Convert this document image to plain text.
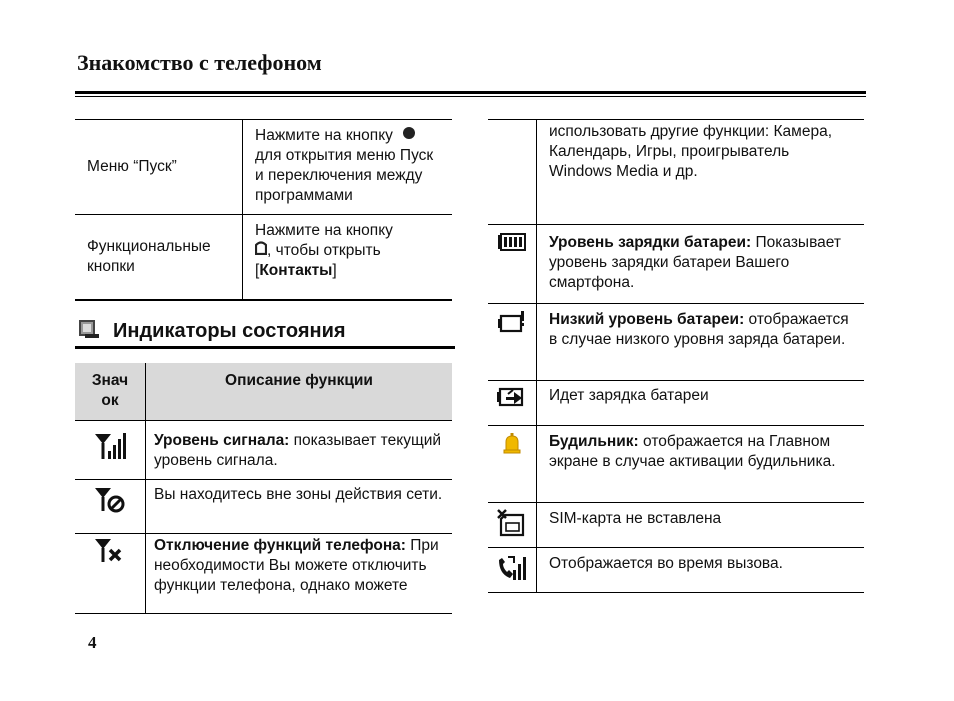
Знакомство с телефоном
Меню “Пуск”	Нажмите на кнопку  для открытия меню Пуск и переключения между программами
Функциональные кнопки	Нажмите на кнопку
, чтобы открыть
[Контакты]
Индикаторы состояния
Знач ок	Описание функции
	Уровень сигнала: показывает текущий уровень сигнала.
	Вы находитесь вне зоны действия сети.
	Отключение функций телефона: При необходимости Вы можете отключить функции телефона, однако можете
	использовать другие функции: Камера, Календарь, Игры, проигрыватель Windows Media и др.
	Уровень зарядки батареи: Показывает уровень зарядки батареи Вашего смартфона.
	Низкий уровень батареи: отображается в случае низкого уровня заряда батареи.
	Идет зарядка батареи
	Будильник: отображается на Главном экране в случае активации будильника.
	SIM-карта не вставлена
	Отображается во время вызова.
4
